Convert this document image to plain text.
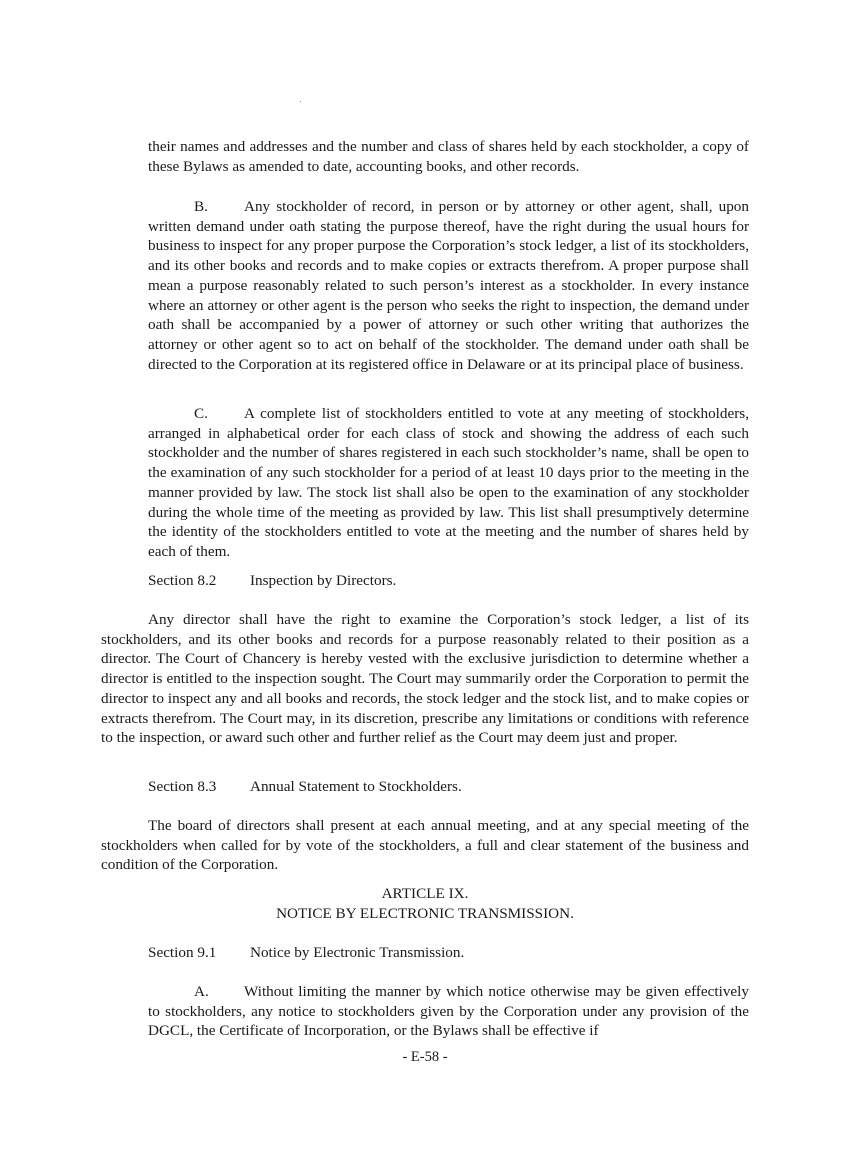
their names and addresses and the number and class of shares held by each stockholder, a copy of these Bylaws as amended to date, accounting books, and other records.

B. Any stockholder of record, in person or by attorney or other agent, shall, upon written demand under oath stating the purpose thereof, have the right during the usual hours for business to inspect for any proper purpose the Corporation’s stock ledger, a list of its stockholders, and its other books and records and to make copies or extracts therefrom. A proper purpose shall mean a purpose reasonably related to such person’s interest as a stockholder. In every instance where an attorney or other agent is the person who seeks the right to inspection, the demand under oath shall be accompanied by a power of attorney or such other writing that authorizes the attorney or other agent so to act on behalf of the stockholder. The demand under oath shall be directed to the Corporation at its registered office in Delaware or at its principal place of business.

C. A complete list of stockholders entitled to vote at any meeting of stockholders, arranged in alphabetical order for each class of stock and showing the address of each such stockholder and the number of shares registered in each such stockholder’s name, shall be open to the examination of any such stockholder for a period of at least 10 days prior to the meeting in the manner provided by law. The stock list shall also be open to the examination of any stockholder during the whole time of the meeting as provided by law. This list shall presumptively determine the identity of the stockholders entitled to vote at the meeting and the number of shares held by each of them.

Section 8.2 Inspection by Directors.

Any director shall have the right to examine the Corporation’s stock ledger, a list of its stockholders, and its other books and records for a purpose reasonably related to their position as a director. The Court of Chancery is hereby vested with the exclusive jurisdiction to determine whether a director is entitled to the inspection sought. The Court may summarily order the Corporation to permit the director to inspect any and all books and records, the stock ledger and the stock list, and to make copies or extracts therefrom. The Court may, in its discretion, prescribe any limitations or conditions with reference to the inspection, or award such other and further relief as the Court may deem just and proper.

Section 8.3 Annual Statement to Stockholders.

The board of directors shall present at each annual meeting, and at any special meeting of the stockholders when called for by vote of the stockholders, a full and clear statement of the business and condition of the Corporation.

ARTICLE IX.

NOTICE BY ELECTRONIC TRANSMISSION.

Section 9.1 Notice by Electronic Transmission.

A. Without limiting the manner by which notice otherwise may be given effectively to stockholders, any notice to stockholders given by the Corporation under any provision of the DGCL, the Certificate of Incorporation, or the Bylaws shall be effective if

- E-58 -
